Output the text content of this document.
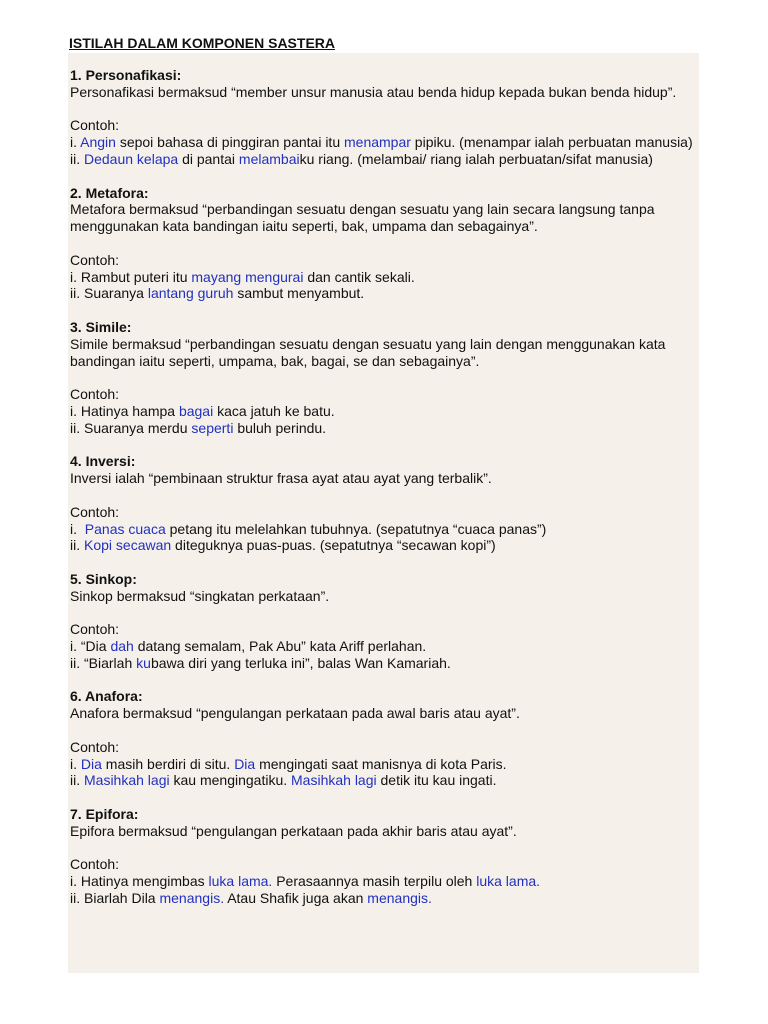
ISTILAH DALAM KOMPONEN SASTERA

1. Personafikasi:

Personafikasi bermaksud “member unsur manusia atau benda hidup kepada bukan benda hidup”.

Contoh:

i. Angin sepoi bahasa di pinggiran pantai itu menampar pipiku. (menampar ialah perbuatan manusia)

ii. Dedaun kelapa di pantai melambaiku riang. (melambai/ riang ialah perbuatan/sifat manusia)

2. Metafora:

Metafora bermaksud “perbandingan sesuatu dengan sesuatu yang lain secara langsung tanpa menggunakan kata bandingan iaitu seperti, bak, umpama dan sebagainya”.

Contoh:

i. Rambut puteri itu mayang mengurai dan cantik sekali.

ii. Suaranya lantang guruh sambut menyambut.

3. Simile:

Simile bermaksud “perbandingan sesuatu dengan sesuatu yang lain dengan menggunakan kata bandingan iaitu seperti, umpama, bak, bagai, se dan sebagainya”.

Contoh:

i. Hatinya hampa bagai kaca jatuh ke batu.

ii. Suaranya merdu seperti buluh perindu.

4. Inversi:

Inversi ialah “pembinaan struktur frasa ayat atau ayat yang terbalik”.

Contoh:

i.  Panas cuaca petang itu melelahkan tubuhnya. (sepatutnya “cuaca panas”)

ii. Kopi secawan diteguknya puas-puas. (sepatutnya “secawan kopi”)

5. Sinkop:

Sinkop bermaksud “singkatan perkataan”.

Contoh:

i. “Dia dah datang semalam, Pak Abu” kata Ariff perlahan.

ii. “Biarlah kubawa diri yang terluka ini”, balas Wan Kamariah.

6. Anafora:

Anafora bermaksud “pengulangan perkataan pada awal baris atau ayat”.

Contoh:

i. Dia masih berdiri di situ. Dia mengingati saat manisnya di kota Paris.

ii. Masihkah lagi kau mengingatiku. Masihkah lagi detik itu kau ingati.

7. Epifora:

Epifora bermaksud “pengulangan perkataan pada akhir baris atau ayat”.

Contoh:

i. Hatinya mengimbas luka lama. Perasaannya masih terpilu oleh luka lama.

ii. Biarlah Dila menangis. Atau Shafik juga akan menangis.
